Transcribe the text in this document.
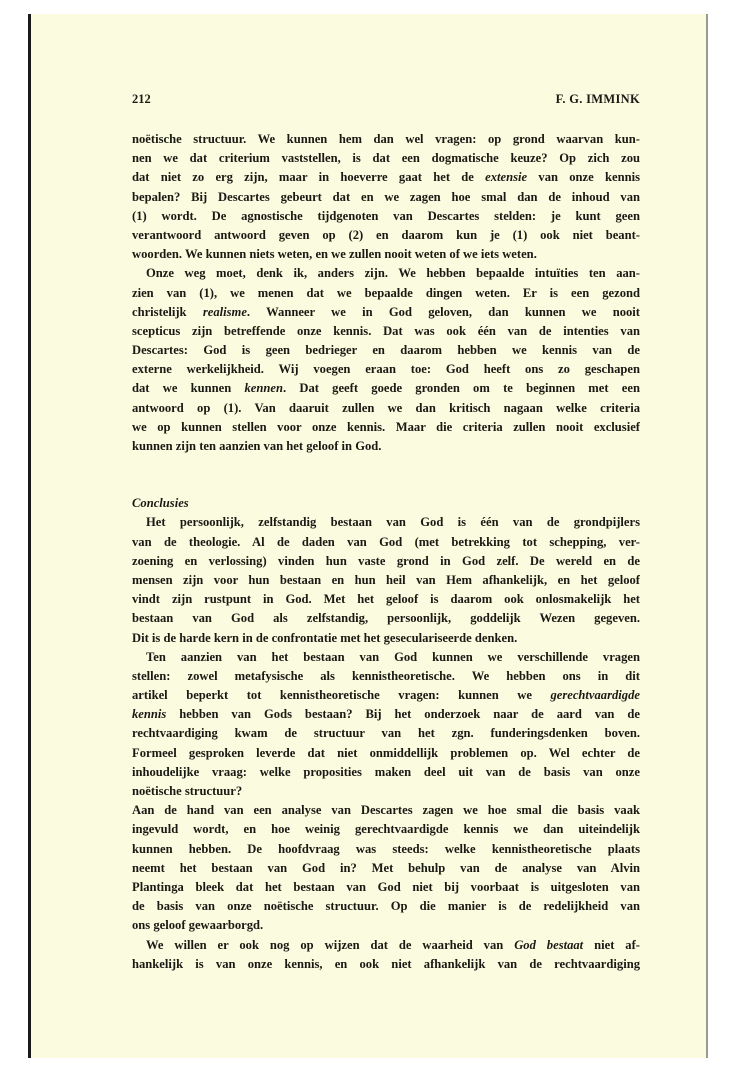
212	F. G. IMMINK
noëtische structuur. We kunnen hem dan wel vragen: op grond waarvan kun-
nen we dat criterium vaststellen, is dat een dogmatische keuze? Op zich zou
dat niet zo erg zijn, maar in hoeverre gaat het de extensie van onze kennis
bepalen? Bij Descartes gebeurt dat en we zagen hoe smal dan de inhoud van
(1) wordt. De agnostische tijdgenoten van Descartes stelden: je kunt geen
verantwoord antwoord geven op (2) en daarom kun je (1) ook niet beant-
woorden. We kunnen niets weten, en we zullen nooit weten of we iets weten.
Onze weg moet, denk ik, anders zijn. We hebben bepaalde intuïties ten aan-
zien van (1), we menen dat we bepaalde dingen weten. Er is een gezond
christelijk realisme. Wanneer we in God geloven, dan kunnen we nooit
scepticus zijn betreffende onze kennis. Dat was ook één van de intenties van
Descartes: God is geen bedrieger en daarom hebben we kennis van de
externe werkelijkheid. Wij voegen eraan toe: God heeft ons zo geschapen
dat we kunnen kennen. Dat geeft goede gronden om te beginnen met een
antwoord op (1). Van daaruit zullen we dan kritisch nagaan welke criteria
we op kunnen stellen voor onze kennis. Maar die criteria zullen nooit exclusief
kunnen zijn ten aanzien van het geloof in God.
Conclusies
Het persoonlijk, zelfstandig bestaan van God is één van de grondpijlers
van de theologie. Al de daden van God (met betrekking tot schepping, ver-
zoening en verlossing) vinden hun vaste grond in God zelf. De wereld en de
mensen zijn voor hun bestaan en hun heil van Hem afhankelijk, en het geloof
vindt zijn rustpunt in God. Met het geloof is daarom ook onlosmakelijk het
bestaan van God als zelfstandig, persoonlijk, goddelijk Wezen gegeven.
Dit is de harde kern in de confrontatie met het geseculariseerde denken.
Ten aanzien van het bestaan van God kunnen we verschillende vragen
stellen: zowel metafysische als kennistheoretische. We hebben ons in dit
artikel beperkt tot kennistheoretische vragen: kunnen we gerechtvaardigde
kennis hebben van Gods bestaan? Bij het onderzoek naar de aard van de
rechtvaardiging kwam de structuur van het zgn. funderingsdenken boven.
Formeel gesproken leverde dat niet onmiddellijk problemen op. Wel echter de
inhoudelijke vraag: welke proposities maken deel uit van de basis van onze
noëtische structuur?
Aan de hand van een analyse van Descartes zagen we hoe smal die basis vaak
ingevuld wordt, en hoe weinig gerechtvaardigde kennis we dan uiteindelijk
kunnen hebben. De hoofdvraag was steeds: welke kennistheoretische plaats
neemt het bestaan van God in? Met behulp van de analyse van Alvin
Plantinga bleek dat het bestaan van God niet bij voorbaat is uitgesloten van
de basis van onze noëtische structuur. Op die manier is de redelijkheid van
ons geloof gewaarborgd.
We willen er ook nog op wijzen dat de waarheid van God bestaat niet af-
hankelijk is van onze kennis, en ook niet afhankelijk van de rechtvaardiging
